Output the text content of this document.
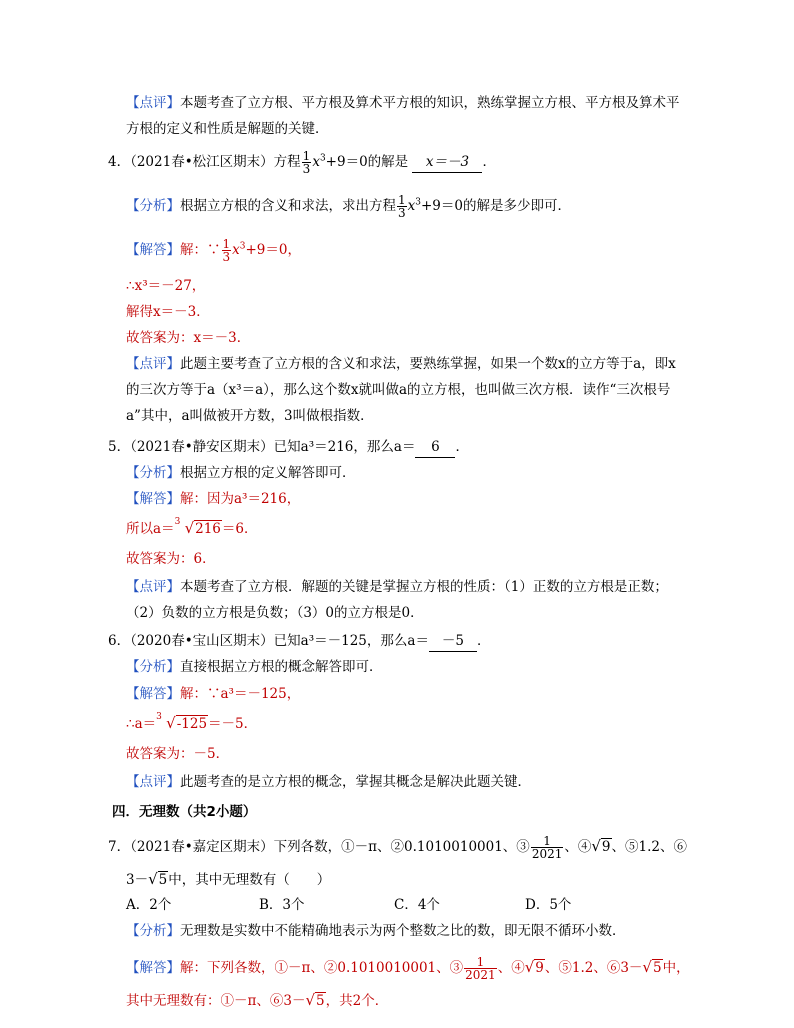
【点评】本题考查了立方根、平方根及算术平方根的知识，熟练掌握立方根、平方根及算术平
方根的定义和性质是解题的关键．
4．（2021春•松江区期末）方程 $\frac{1}{3} x^3+9=0$的解是 x＝－3 ．
【分析】根据立方根的含义和求法，求出方程 $\frac{1}{3} x^3+9=0$的解是多少即可．
【解答】解：∵ $\frac{1}{3} x^3+9=0$，
∴x³＝－27，
解得x＝－3．
故答案为：x＝－3．
【点评】此题主要考查了立方根的含义和求法，要熟练掌握，如果一个数x的立方等于a，即x
的三次方等于a（x³＝a），那么这个数x就叫做a的立方根，也叫做三次方根．读作“三次根号
a”其中，a叫做被开方数，3叫做根指数．
5．（2021春•静安区期末）已知a³＝216，那么a＝ 6 ．
【分析】根据立方根的定义解答即可．
【解答】解：因为a³＝216，
所以a＝ 3 √216＝6．
故答案为：6．
【点评】本题考查了立方根．解题的关键是掌握立方根的性质：（1）正数的立方根是正数；
（2）负数的立方根是负数；（3）0的立方根是0．
6．（2020春•宝山区期末）已知a³＝－125，那么a＝ －5 ．
【分析】直接根据立方根的概念解答即可．
【解答】解：∵a³＝－125，
∴a＝ 3 √-125＝－5．
故答案为：－5．
【点评】此题考查的是立方根的概念，掌握其概念是解决此题关键．
四．无理数（共2小题）
7．（2021春•嘉定区期末）下列各数，①－π、②0.1010010001、③ $\frac{1}{2021}$ 、④√9、⑤1.2、⑥
3－√5中，其中无理数有（　　）
A．2个	B．3个	C．4个	D．5个
【分析】无理数是实数中不能精确地表示为两个整数之比的数，即无限不循环小数．
【解答】解：下列各数，①－π、②0.1010010001、③ $\frac{1}{2021}$ 、④√9、⑤1.2、⑥3－√5中，
其中无理数有：①－π、⑥3－√5，共2个．
